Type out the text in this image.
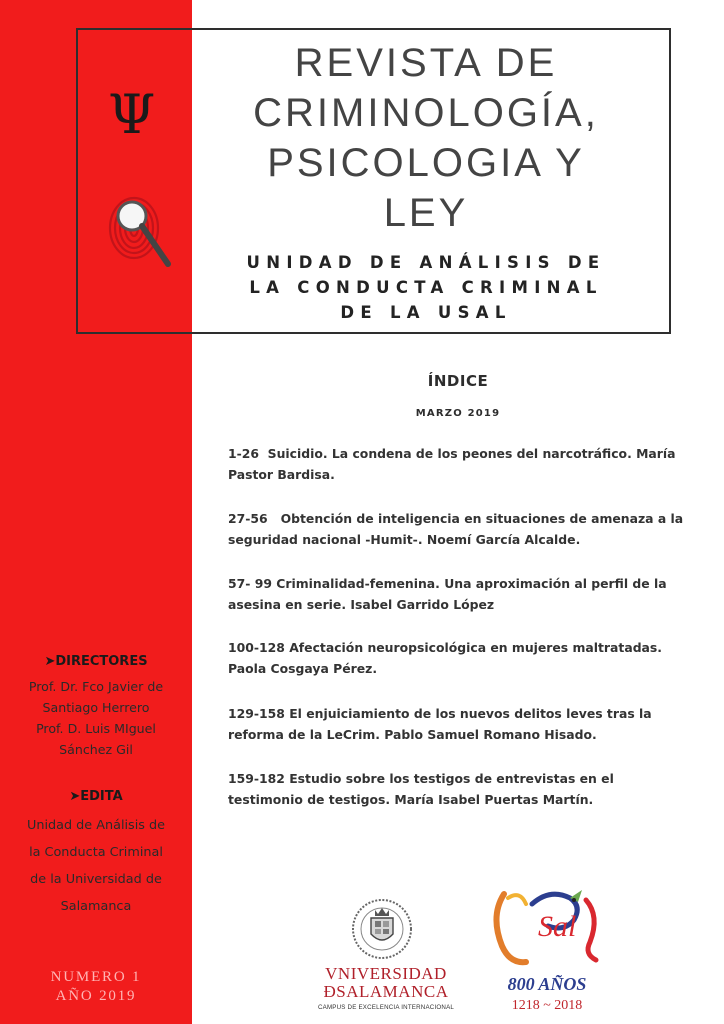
Ψ
REVISTA DE
CRIMINOLOGÍA,
PSICOLOGIA Y
LEY
UNIDAD DE ANÁLISIS DE
LA CONDUCTA CRIMINAL
DE LA USAL
ÍNDICE
MARZO 2019
1-26 Suicidio. La condena de los peones del narcotráfico. María Pastor Bardisa.
27-56 Obtención de inteligencia en situaciones de amenaza a la seguridad nacional -Humit-. Noemí García Alcalde.
57- 99 Criminalidad-femenina. Una aproximación al perfil de la asesina en serie. Isabel Garrido López
100-128 Afectación neuropsicológica en mujeres maltratadas. Paola Cosgaya Pérez.
129-158 El enjuiciamiento de los nuevos delitos leves tras la reforma de la LeCrim. Pablo Samuel Romano Hisado.
159-182 Estudio sobre los testigos de entrevistas en el testimonio de testigos. María Isabel Puertas Martín.
➤DIRECTORES
Prof. Dr. Fco Javier de
Santiago Herrero
Prof. D. Luis MIguel
Sánchez Gil
➤EDITA
Unidad de Análisis de
la Conducta Criminal
de la Universidad de
Salamanca
NUMERO 1
AÑO 2019
VNIVERSIDAD
ÐSALAMANCA
CAMPUS DE EXCELENCIA INTERNACIONAL
Sal
800 AÑOS
1218 ~ 2018
